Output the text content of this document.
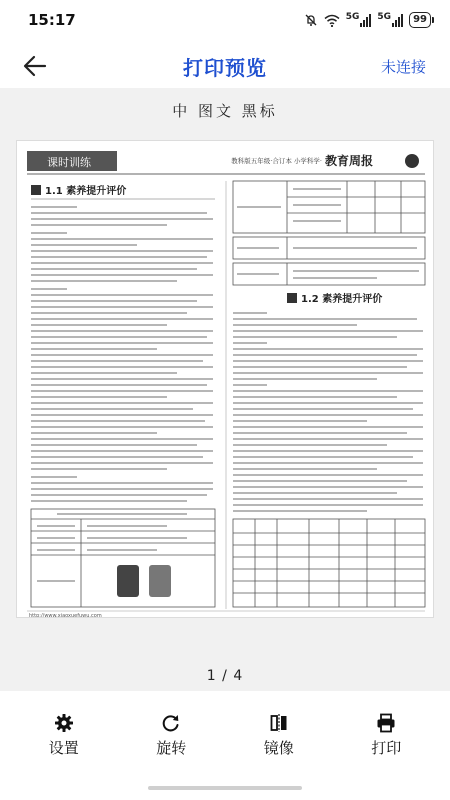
15:17	5G 5G	99
打印预览	未连接
中 图文 黑标
课时训练	教科版五年级·合订本 小学科学· 教育周报
1.1 素养提升评价
1.2 素养提升评价
http://www.xiaoxuefuwu.com
1 / 4
设置	旋转	镜像	打印
